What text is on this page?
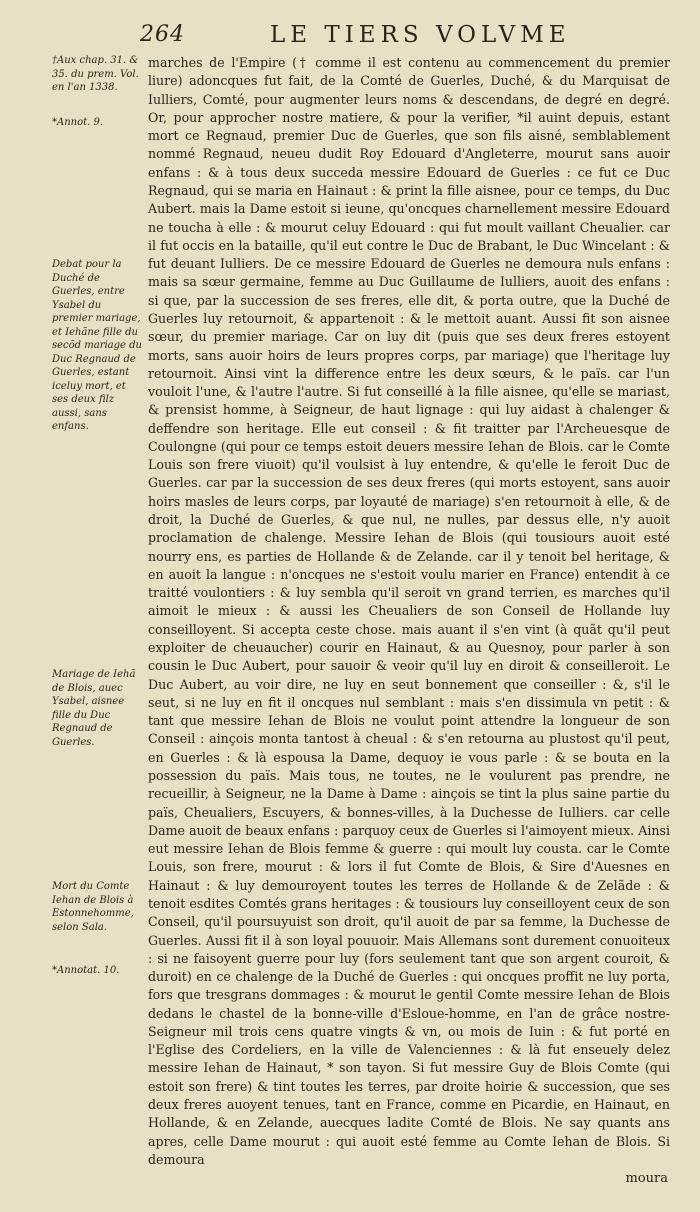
264	LE TIERS VOLVME

†Aux chap. 31. & 35. du prem. Vol. en l'an 1338.

*Annot. 9.

Debat pour la Duché de Guerles, entre Ysabel du premier mariage, et Iehãne fille du secõd mariage du Duc Regnaud de Guerles, estant iceluy mort, et ses deux filz aussi, sans enfans.

Mariage de Iehã de Blois, auec Ysabel, aisnee fille du Duc Regnaud de Guerles.

Mort du Comte Iehan de Blois à Estonnehomme, selon Sala.

*Annotat. 10.

marches de l'Empire († comme il est contenu au commencement du premier liure) adoncques fut fait, de la Comté de Guerles, Duché, & du Marquisat de Iulliers, Comté, pour augmenter leurs noms & descendans, de degré en degré. Or, pour approcher nostre matiere, & pour la verifier, *il auint depuis, estant mort ce Regnaud, premier Duc de Guerles, que son fils aisné, semblablement nommé Regnaud, neueu dudit Roy Edouard d'Angleterre, mourut sans auoir enfans : & à tous deux succeda messire Edouard de Guerles : ce fut ce Duc Regnaud, qui se maria en Hainaut : & print la fille aisnee, pour ce temps, du Duc Aubert. mais la Dame estoit si ieune, qu'oncques charnellement messire Edouard ne toucha à elle : & mourut celuy Edouard : qui fut moult vaillant Cheualier. car il fut occis en la bataille, qu'il eut contre le Duc de Brabant, le Duc Wincelant : & fut deuant Iulliers. De ce messire Edouard de Guerles ne demoura nuls enfans : mais sa sœur germaine, femme au Duc Guillaume de Iulliers, auoit des enfans : si que, par la succession de ses freres, elle dit, & porta outre, que la Duché de Guerles luy retournoit, & appartenoit : & le mettoit auant. Aussi fit son aisnee sœur, du premier mariage. Car on luy dit (puis que ses deux freres estoyent morts, sans auoir hoirs de leurs propres corps, par mariage) que l'heritage luy retournoit. Ainsi vint la difference entre les deux sœurs, & le païs. car l'un vouloit l'une, & l'autre l'autre. Si fut conseillé à la fille aisnee, qu'elle se mariast, & prensist homme, à Seigneur, de haut lignage : qui luy aidast à chalenger & deffendre son heritage. Elle eut conseil : & fit traitter par l'Archeuesque de Coulongne (qui pour ce temps estoit deuers messire Iehan de Blois. car le Comte Louis son frere viuoit) qu'il voulsist à luy entendre, & qu'elle le feroit Duc de Guerles. car par la succession de ses deux freres (qui morts estoyent, sans auoir hoirs masles de leurs corps, par loyauté de mariage) s'en retournoit à elle, & de droit, la Duché de Guerles, & que nul, ne nulles, par dessus elle, n'y auoit proclamation de chalenge. Messire Iehan de Blois (qui tousiours auoit esté nourry ens, es parties de Hollande & de Zelande. car il y tenoit bel heritage, & en auoit la langue : n'oncques ne s'estoit voulu marier en France) entendit à ce traitté voulontiers : & luy sembla qu'il seroit vn grand terrien, es marches qu'il aimoit le mieux : & aussi les Cheualiers de son Conseil de Hollande luy conseilloyent. Si accepta ceste chose. mais auant il s'en vint (à quãt qu'il peut exploiter de cheuaucher) courir en Hainaut, & au Quesnoy, pour parler à son cousin le Duc Aubert, pour sauoir & veoir qu'il luy en diroit & conseilleroit. Le Duc Aubert, au voir dire, ne luy en seut bonnement que conseiller : &, s'il le seut, si ne luy en fit il oncques nul semblant : mais s'en dissimula vn petit : & tant que messire Iehan de Blois ne voulut point attendre la longueur de son Conseil : ainçois monta tantost à cheual : & s'en retourna au plustost qu'il peut, en Guerles : & là espousa la Dame, dequoy ie vous parle : & se bouta en la possession du païs. Mais tous, ne toutes, ne le voulurent pas prendre, ne recueillir, à Seigneur, ne la Dame à Dame : ainçois se tint la plus saine partie du païs, Cheualiers, Escuyers, & bonnes-villes, à la Duchesse de Iulliers. car celle Dame auoit de beaux enfans : parquoy ceux de Guerles si l'aimoyent mieux. Ainsi eut messire Iehan de Blois femme & guerre : qui moult luy cousta. car le Comte Louis, son frere, mourut : & lors il fut Comte de Blois, & Sire d'Auesnes en Hainaut : & luy demouroyent toutes les terres de Hollande & de Zelãde : & tenoit esdites Comtés grans heritages : & tousiours luy conseilloyent ceux de son Conseil, qu'il poursuyuist son droit, qu'il auoit de par sa femme, la Duchesse de Guerles. Aussi fit il à son loyal pouuoir. Mais Allemans sont durement conuoiteux : si ne faisoyent guerre pour luy (fors seulement tant que son argent couroit, & duroit) en ce chalenge de la Duché de Guerles : qui oncques proffit ne luy porta, fors que tresgrans dommages : & mourut le gentil Comte messire Iehan de Blois dedans le chastel de la bonne-ville d'Esloue-homme, en l'an de grâce nostre-Seigneur mil trois cens quatre vingts & vn, ou mois de Iuin : & fut porté en l'Eglise des Cordeliers, en la ville de Valenciennes : & là fut enseuely delez messire Iehan de Hainaut, * son tayon. Si fut messire Guy de Blois Comte (qui estoit son frere) & tint toutes les terres, par droite hoirie & succession, que ses deux freres auoyent tenues, tant en France, comme en Picardie, en Hainaut, en Hollande, & en Zelande, auecques ladite Comté de Blois. Ne say quants ans apres, celle Dame mourut : qui auoit esté femme au Comte Iehan de Blois. Si demoura

moura
